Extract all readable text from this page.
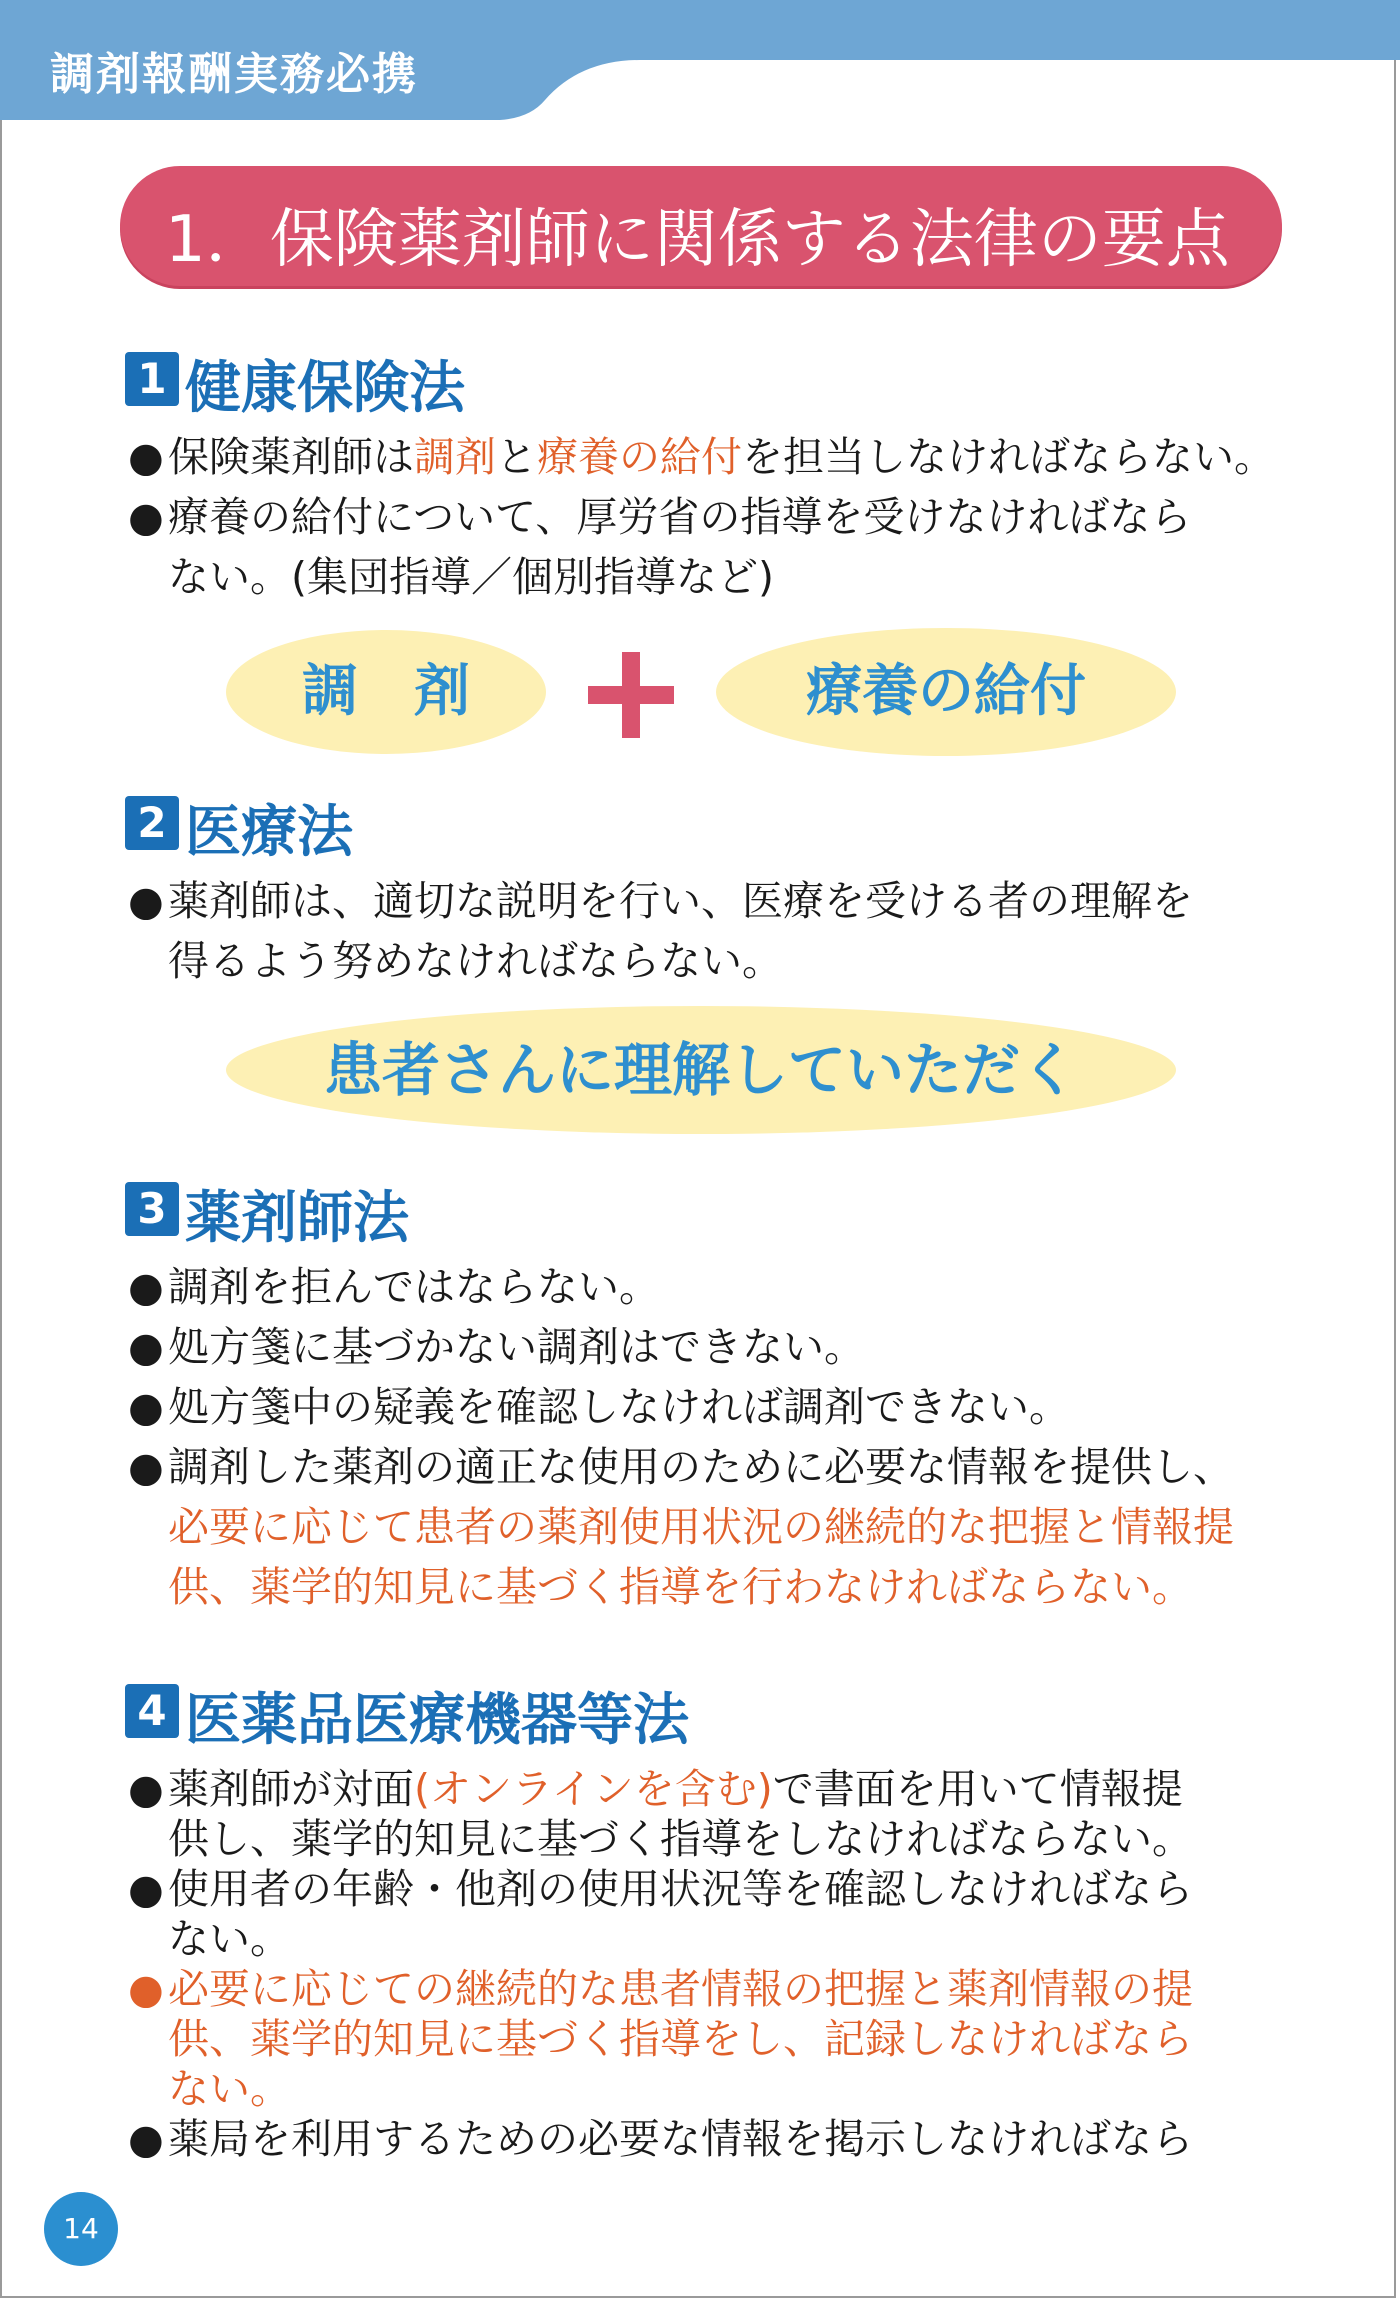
調剤報酬実務必携
1．保険薬剤師に関係する法律の要点
1 健康保険法
● 保険薬剤師は調剤と療養の給付を担当しなければならない。
● 療養の給付について、厚労省の指導を受けなければなら
ない。(集団指導／個別指導など)
調　剤	療養の給付
2 医療法
● 薬剤師は、適切な説明を行い、医療を受ける者の理解を
得るよう努めなければならない。
患者さんに理解していただく
3 薬剤師法
● 調剤を拒んではならない。
● 処方箋に基づかない調剤はできない。
● 処方箋中の疑義を確認しなければ調剤できない。
● 調剤した薬剤の適正な使用のために必要な情報を提供し、
必要に応じて患者の薬剤使用状況の継続的な把握と情報提
供、薬学的知見に基づく指導を行わなければならない。
4 医薬品医療機器等法
● 薬剤師が対面(オンラインを含む)で書面を用いて情報提
供し、薬学的知見に基づく指導をしなければならない。
● 使用者の年齢・他剤の使用状況等を確認しなければなら
ない。
● 必要に応じての継続的な患者情報の把握と薬剤情報の提
供、薬学的知見に基づく指導をし、記録しなければなら
ない。
● 薬局を利用するための必要な情報を掲示しなければなら
14
